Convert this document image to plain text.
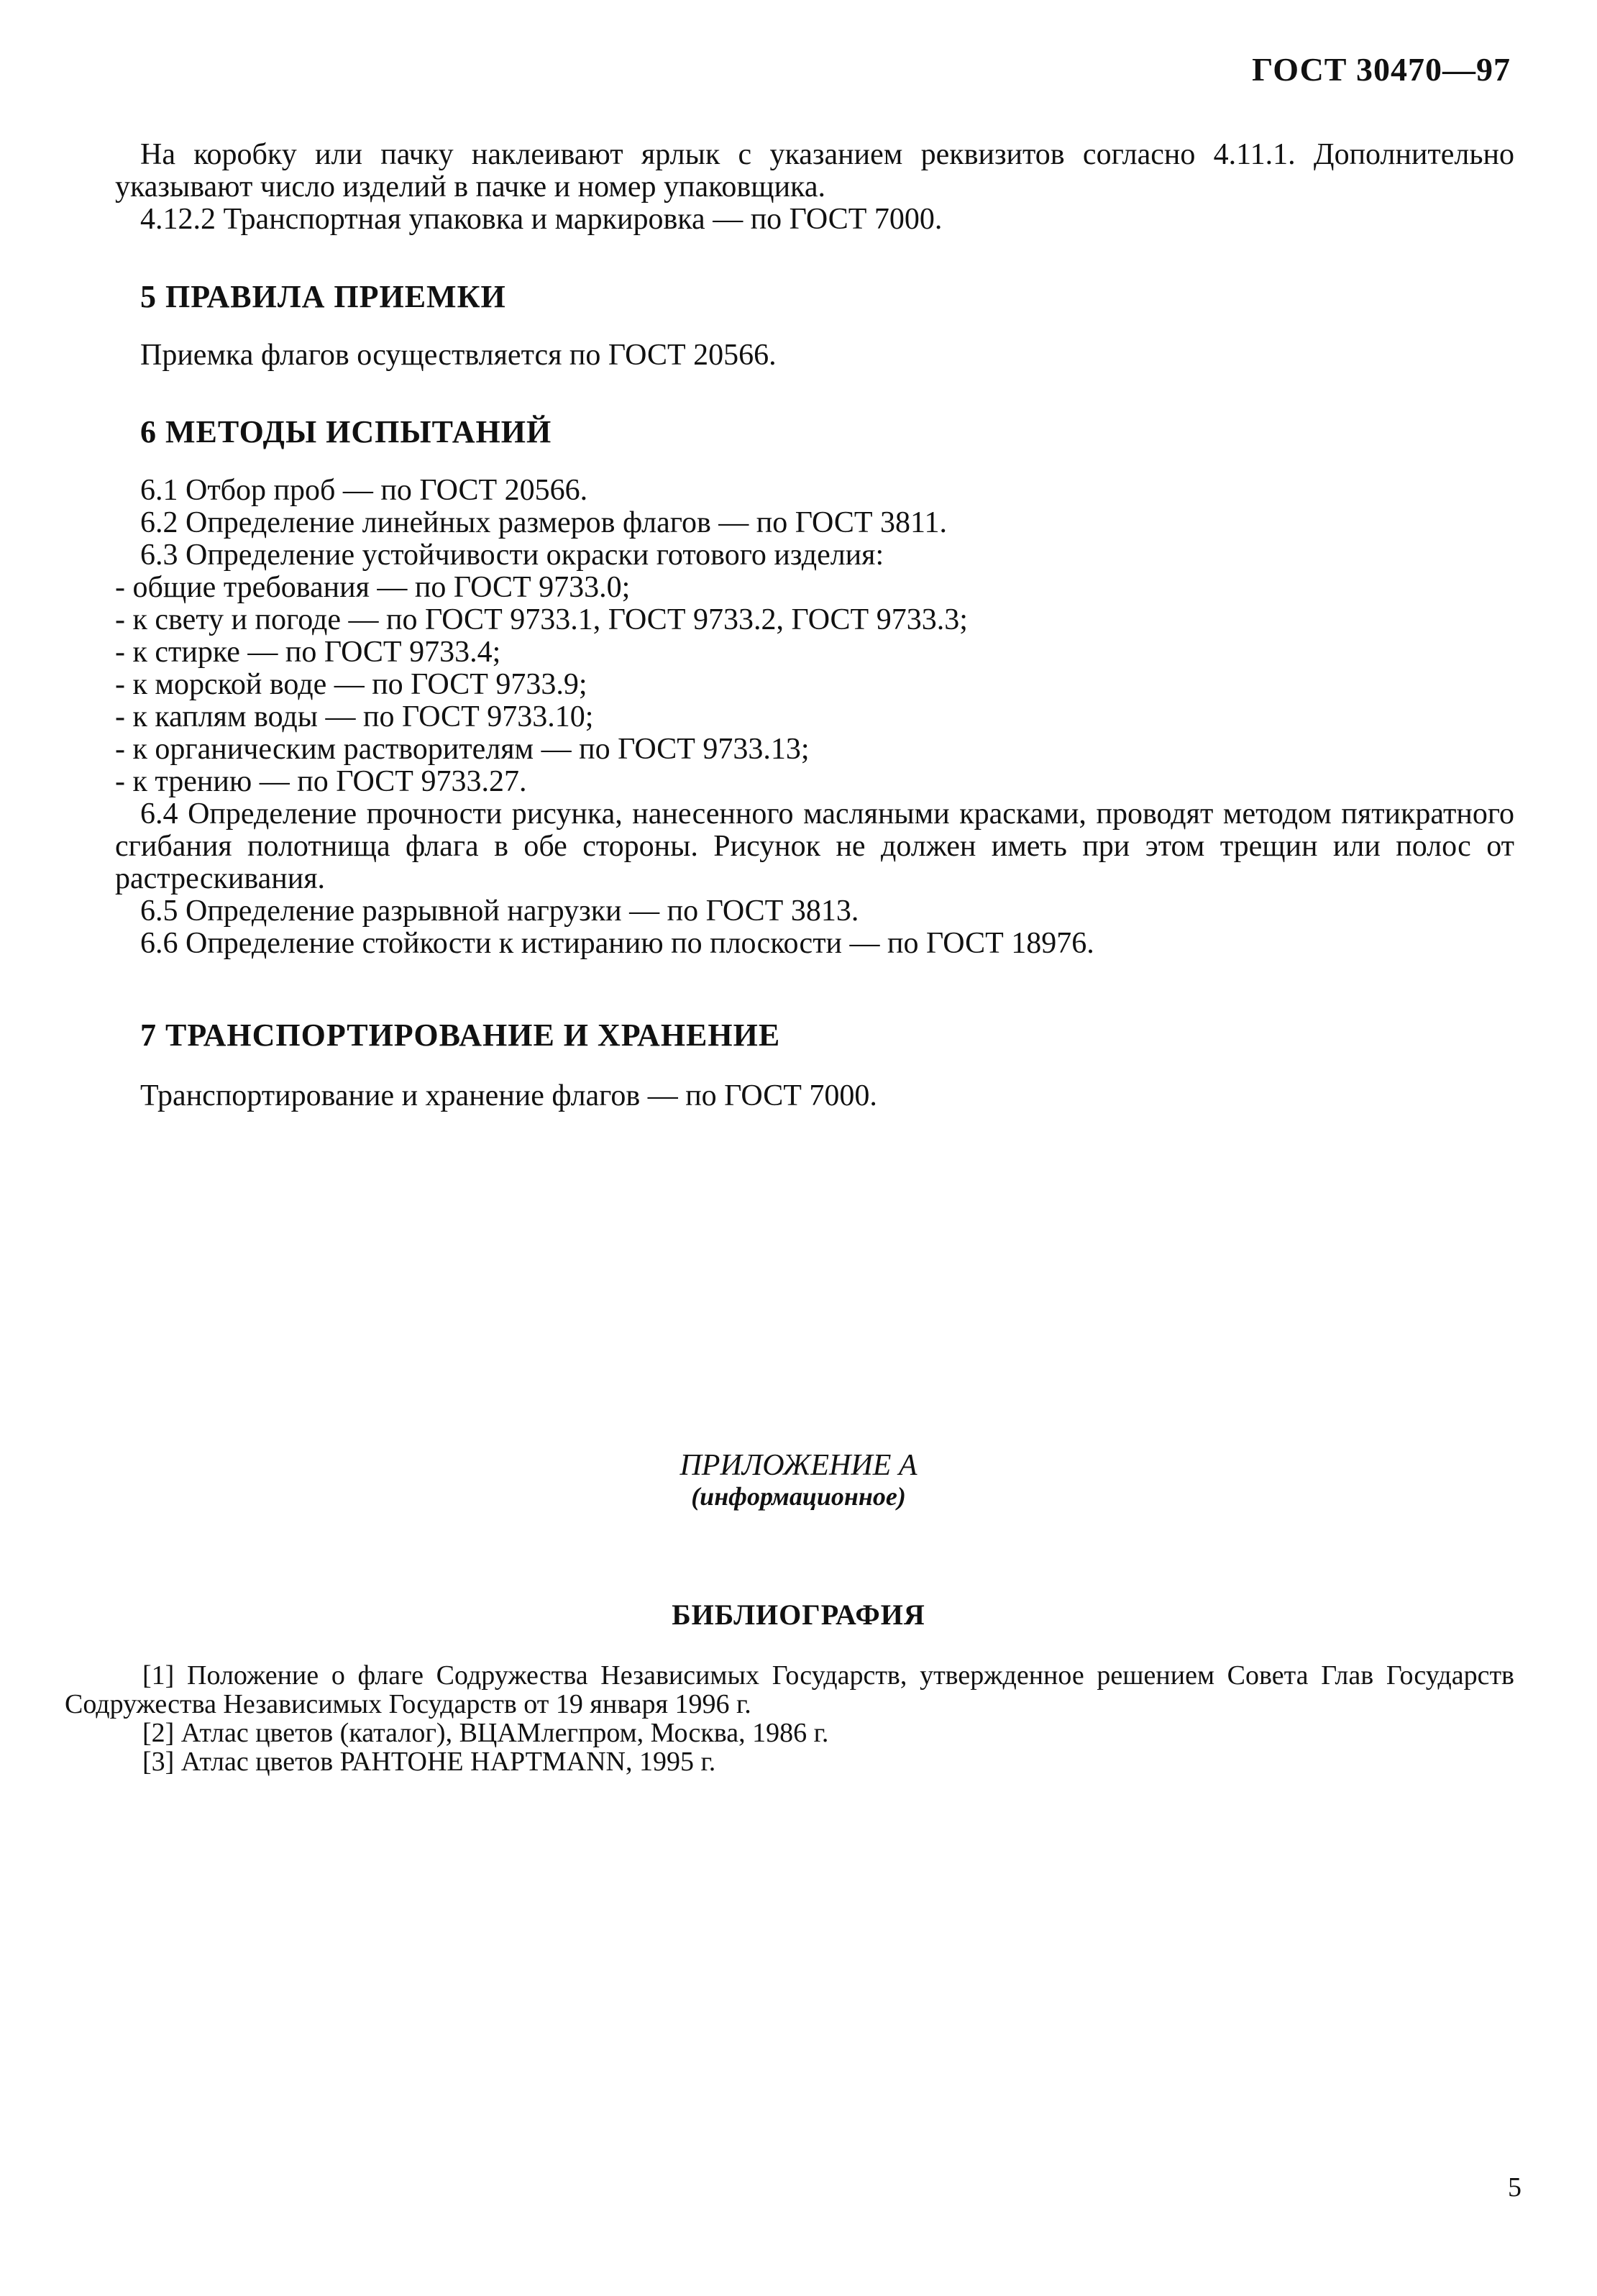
ГОСТ 30470—97

На коробку или пачку наклеивают ярлык с указанием реквизитов согласно 4.11.1. Дополнительно указывают число изделий в пачке и номер упаковщика.

4.12.2 Транспортная упаковка и маркировка — по ГОСТ 7000.

5 ПРАВИЛА ПРИЕМКИ

Приемка флагов осуществляется по ГОСТ 20566.

6 МЕТОДЫ ИСПЫТАНИЙ

6.1 Отбор проб — по ГОСТ 20566.

6.2 Определение линейных размеров флагов — по ГОСТ 3811.

6.3 Определение устойчивости окраски готового изделия:

- общие требования — по ГОСТ 9733.0;

- к свету и погоде — по ГОСТ 9733.1, ГОСТ 9733.2, ГОСТ 9733.3;

- к стирке — по ГОСТ 9733.4;

- к морской воде — по ГОСТ 9733.9;

- к каплям воды — по ГОСТ 9733.10;

- к органическим растворителям — по ГОСТ 9733.13;

- к трению — по ГОСТ 9733.27.

6.4 Определение прочности рисунка, нанесенного масляными красками, проводят методом пятикратного сгибания полотнища флага в обе стороны. Рисунок не должен иметь при этом трещин или полос от растрескивания.

6.5 Определение разрывной нагрузки — по ГОСТ 3813.

6.6 Определение стойкости к истиранию по плоскости — по ГОСТ 18976.

7 ТРАНСПОРТИРОВАНИЕ И ХРАНЕНИЕ

Транспортирование и хранение флагов — по ГОСТ 7000.

ПРИЛОЖЕНИЕ А
(информационное)
БИБЛИОГРАФИЯ

[1] Положение о флаге Содружества Независимых Государств, утвержденное решением Совета Глав Государств Содружества Независимых Государств от 19 января 1996 г.

[2] Атлас цветов (каталог), ВЦАМлегпром, Москва, 1986 г.

[3] Атлас цветов РАНТОНЕ НАРТMANN, 1995 г.

5
